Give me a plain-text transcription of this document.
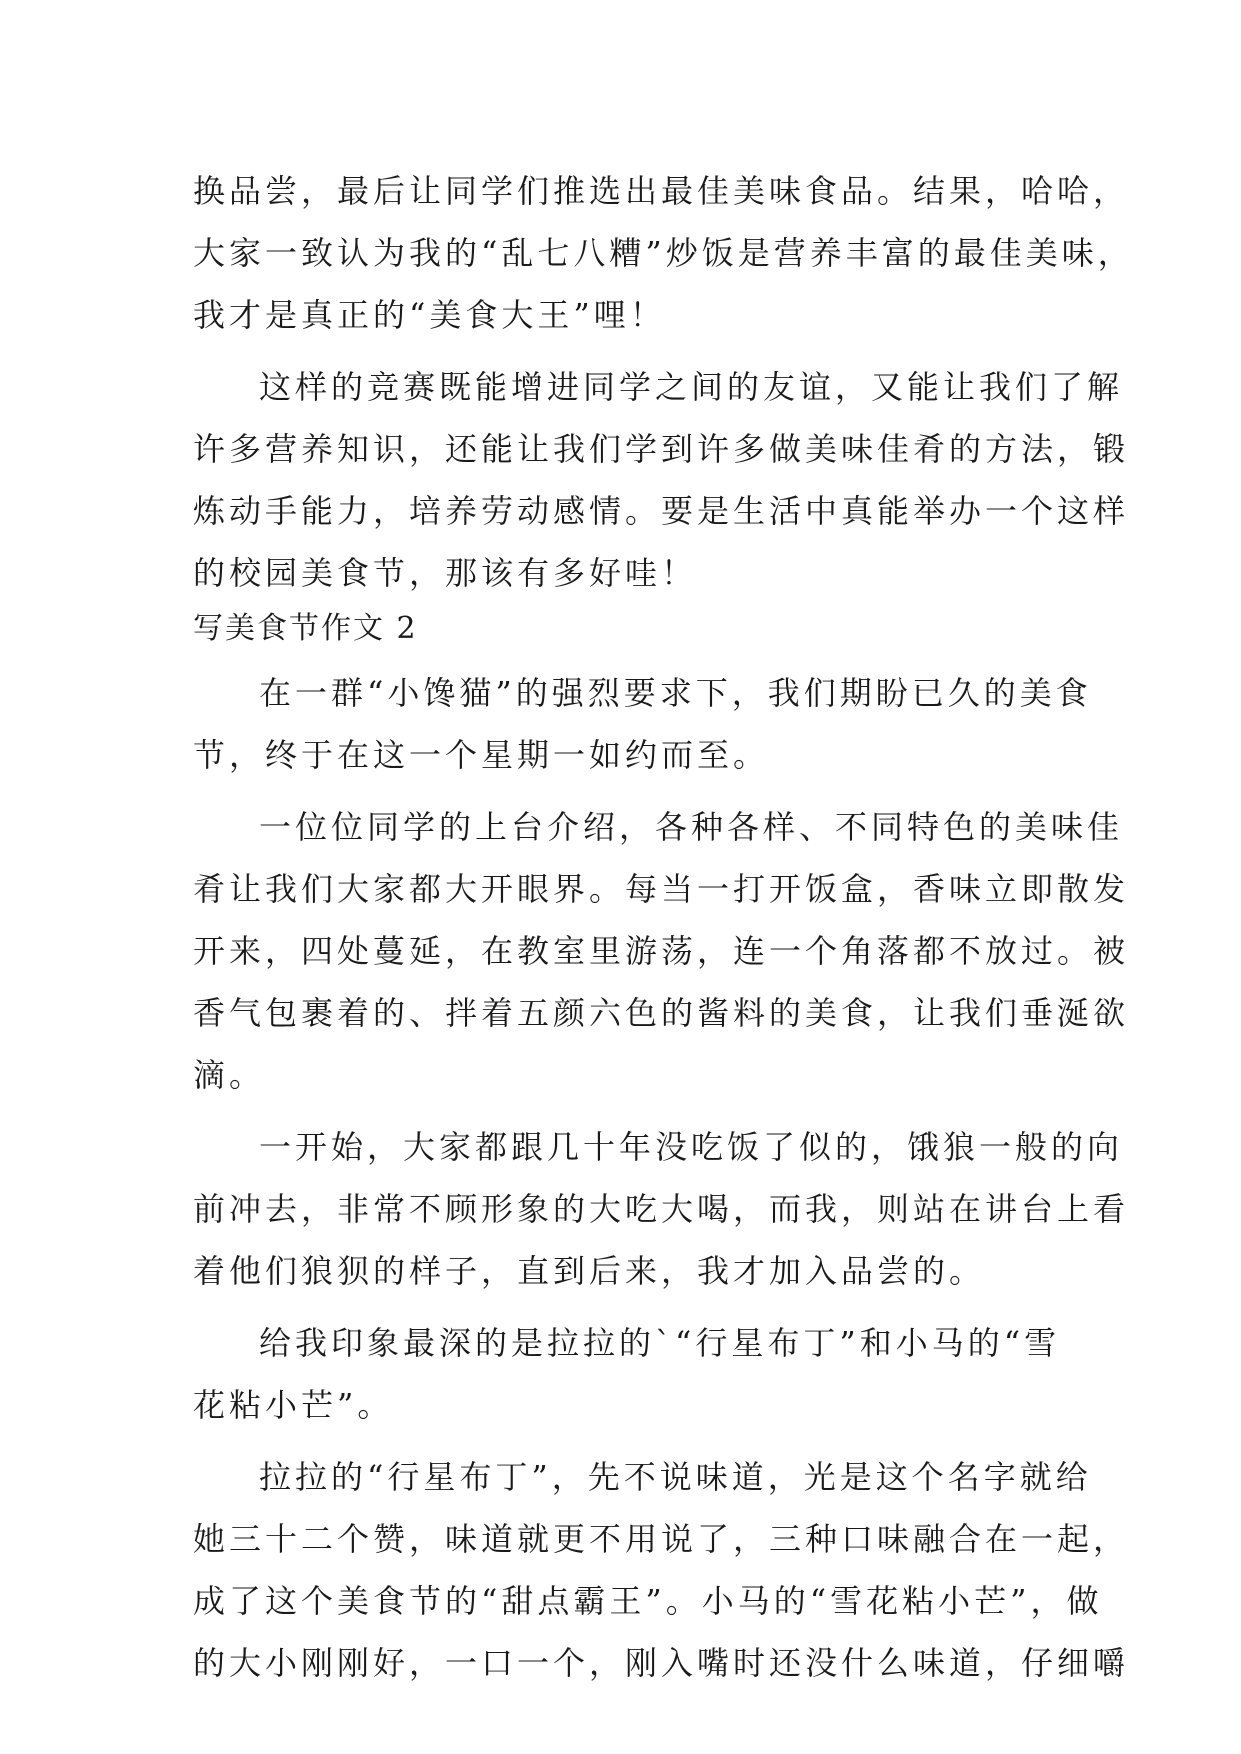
换品尝，最后让同学们推选出最佳美味食品。结果，哈哈，
大家一致认为我的“乱七八糟”炒饭是营养丰富的最佳美味，
我才是真正的“美食大王”哩！
这样的竞赛既能增进同学之间的友谊，又能让我们了解
许多营养知识，还能让我们学到许多做美味佳肴的方法，锻
炼动手能力，培养劳动感情。要是生活中真能举办一个这样
的校园美食节，那该有多好哇！
写美食节作文 2
在一群“小馋猫”的强烈要求下，我们期盼已久的美食
节，终于在这一个星期一如约而至。
一位位同学的上台介绍，各种各样、不同特色的美味佳
肴让我们大家都大开眼界。每当一打开饭盒，香味立即散发
开来，四处蔓延，在教室里游荡，连一个角落都不放过。被
香气包裹着的、拌着五颜六色的酱料的美食，让我们垂涎欲
滴。
一开始，大家都跟几十年没吃饭了似的，饿狼一般的向
前冲去，非常不顾形象的大吃大喝，而我，则站在讲台上看
着他们狼狈的样子，直到后来，我才加入品尝的。
给我印象最深的是拉拉的`“行星布丁”和小马的“雪
花粘小芒”。
拉拉的“行星布丁”，先不说味道，光是这个名字就给
她三十二个赞，味道就更不用说了，三种口味融合在一起，
成了这个美食节的“甜点霸王”。小马的“雪花粘小芒”，做
的大小刚刚好，一口一个，刚入嘴时还没什么味道，仔细嚼
